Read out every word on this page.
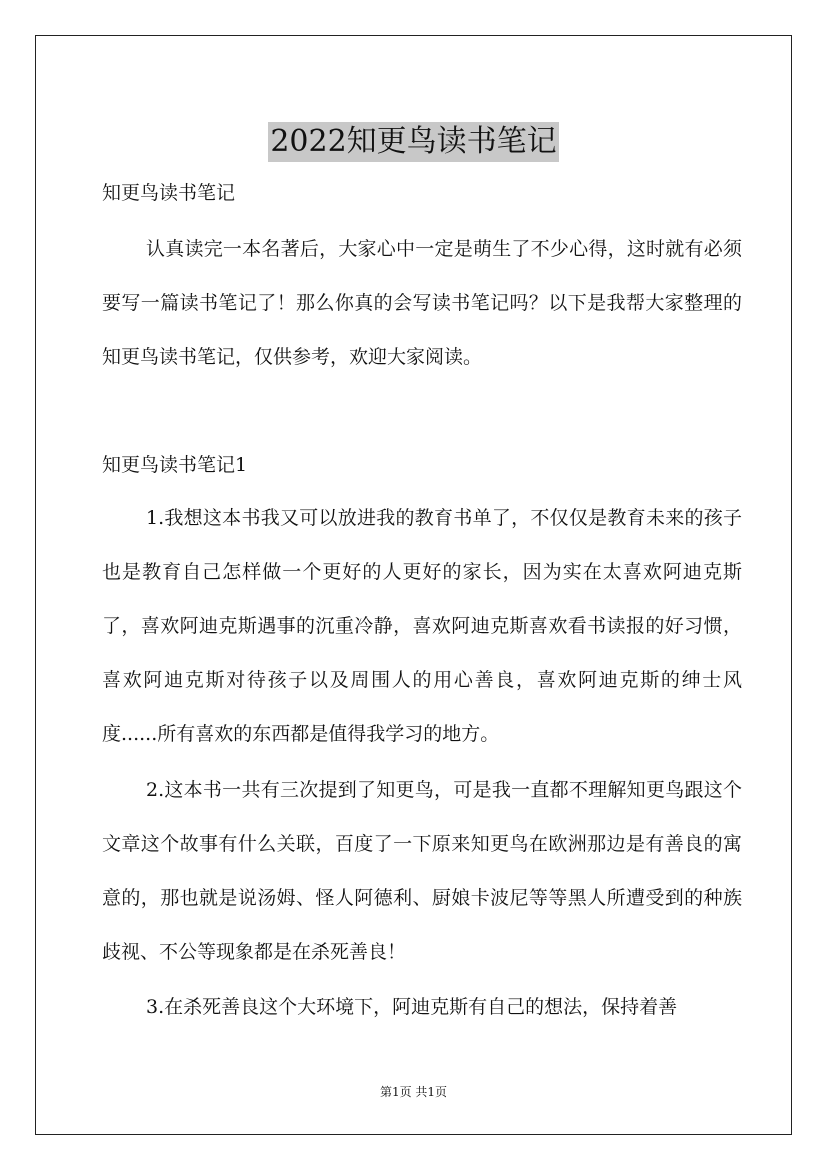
2022知更鸟读书笔记

知更鸟读书笔记

认真读完一本名著后，大家心中一定是萌生了不少心得，这时就有必须要写一篇读书笔记了！那么你真的会写读书笔记吗？以下是我帮大家整理的知更鸟读书笔记，仅供参考，欢迎大家阅读。

知更鸟读书笔记1

1.我想这本书我又可以放进我的教育书单了，不仅仅是教育未来的孩子也是教育自己怎样做一个更好的人更好的家长，因为实在太喜欢阿迪克斯了，喜欢阿迪克斯遇事的沉重冷静，喜欢阿迪克斯喜欢看书读报的好习惯，喜欢阿迪克斯对待孩子以及周围人的用心善良，喜欢阿迪克斯的绅士风度......所有喜欢的东西都是值得我学习的地方。

2.这本书一共有三次提到了知更鸟，可是我一直都不理解知更鸟跟这个文章这个故事有什么关联，百度了一下原来知更鸟在欧洲那边是有善良的寓意的，那也就是说汤姆、怪人阿德利、厨娘卡波尼等等黑人所遭受到的种族歧视、不公等现象都是在杀死善良！

3.在杀死善良这个大环境下，阿迪克斯有自己的想法，保持着善

第1页 共1页
